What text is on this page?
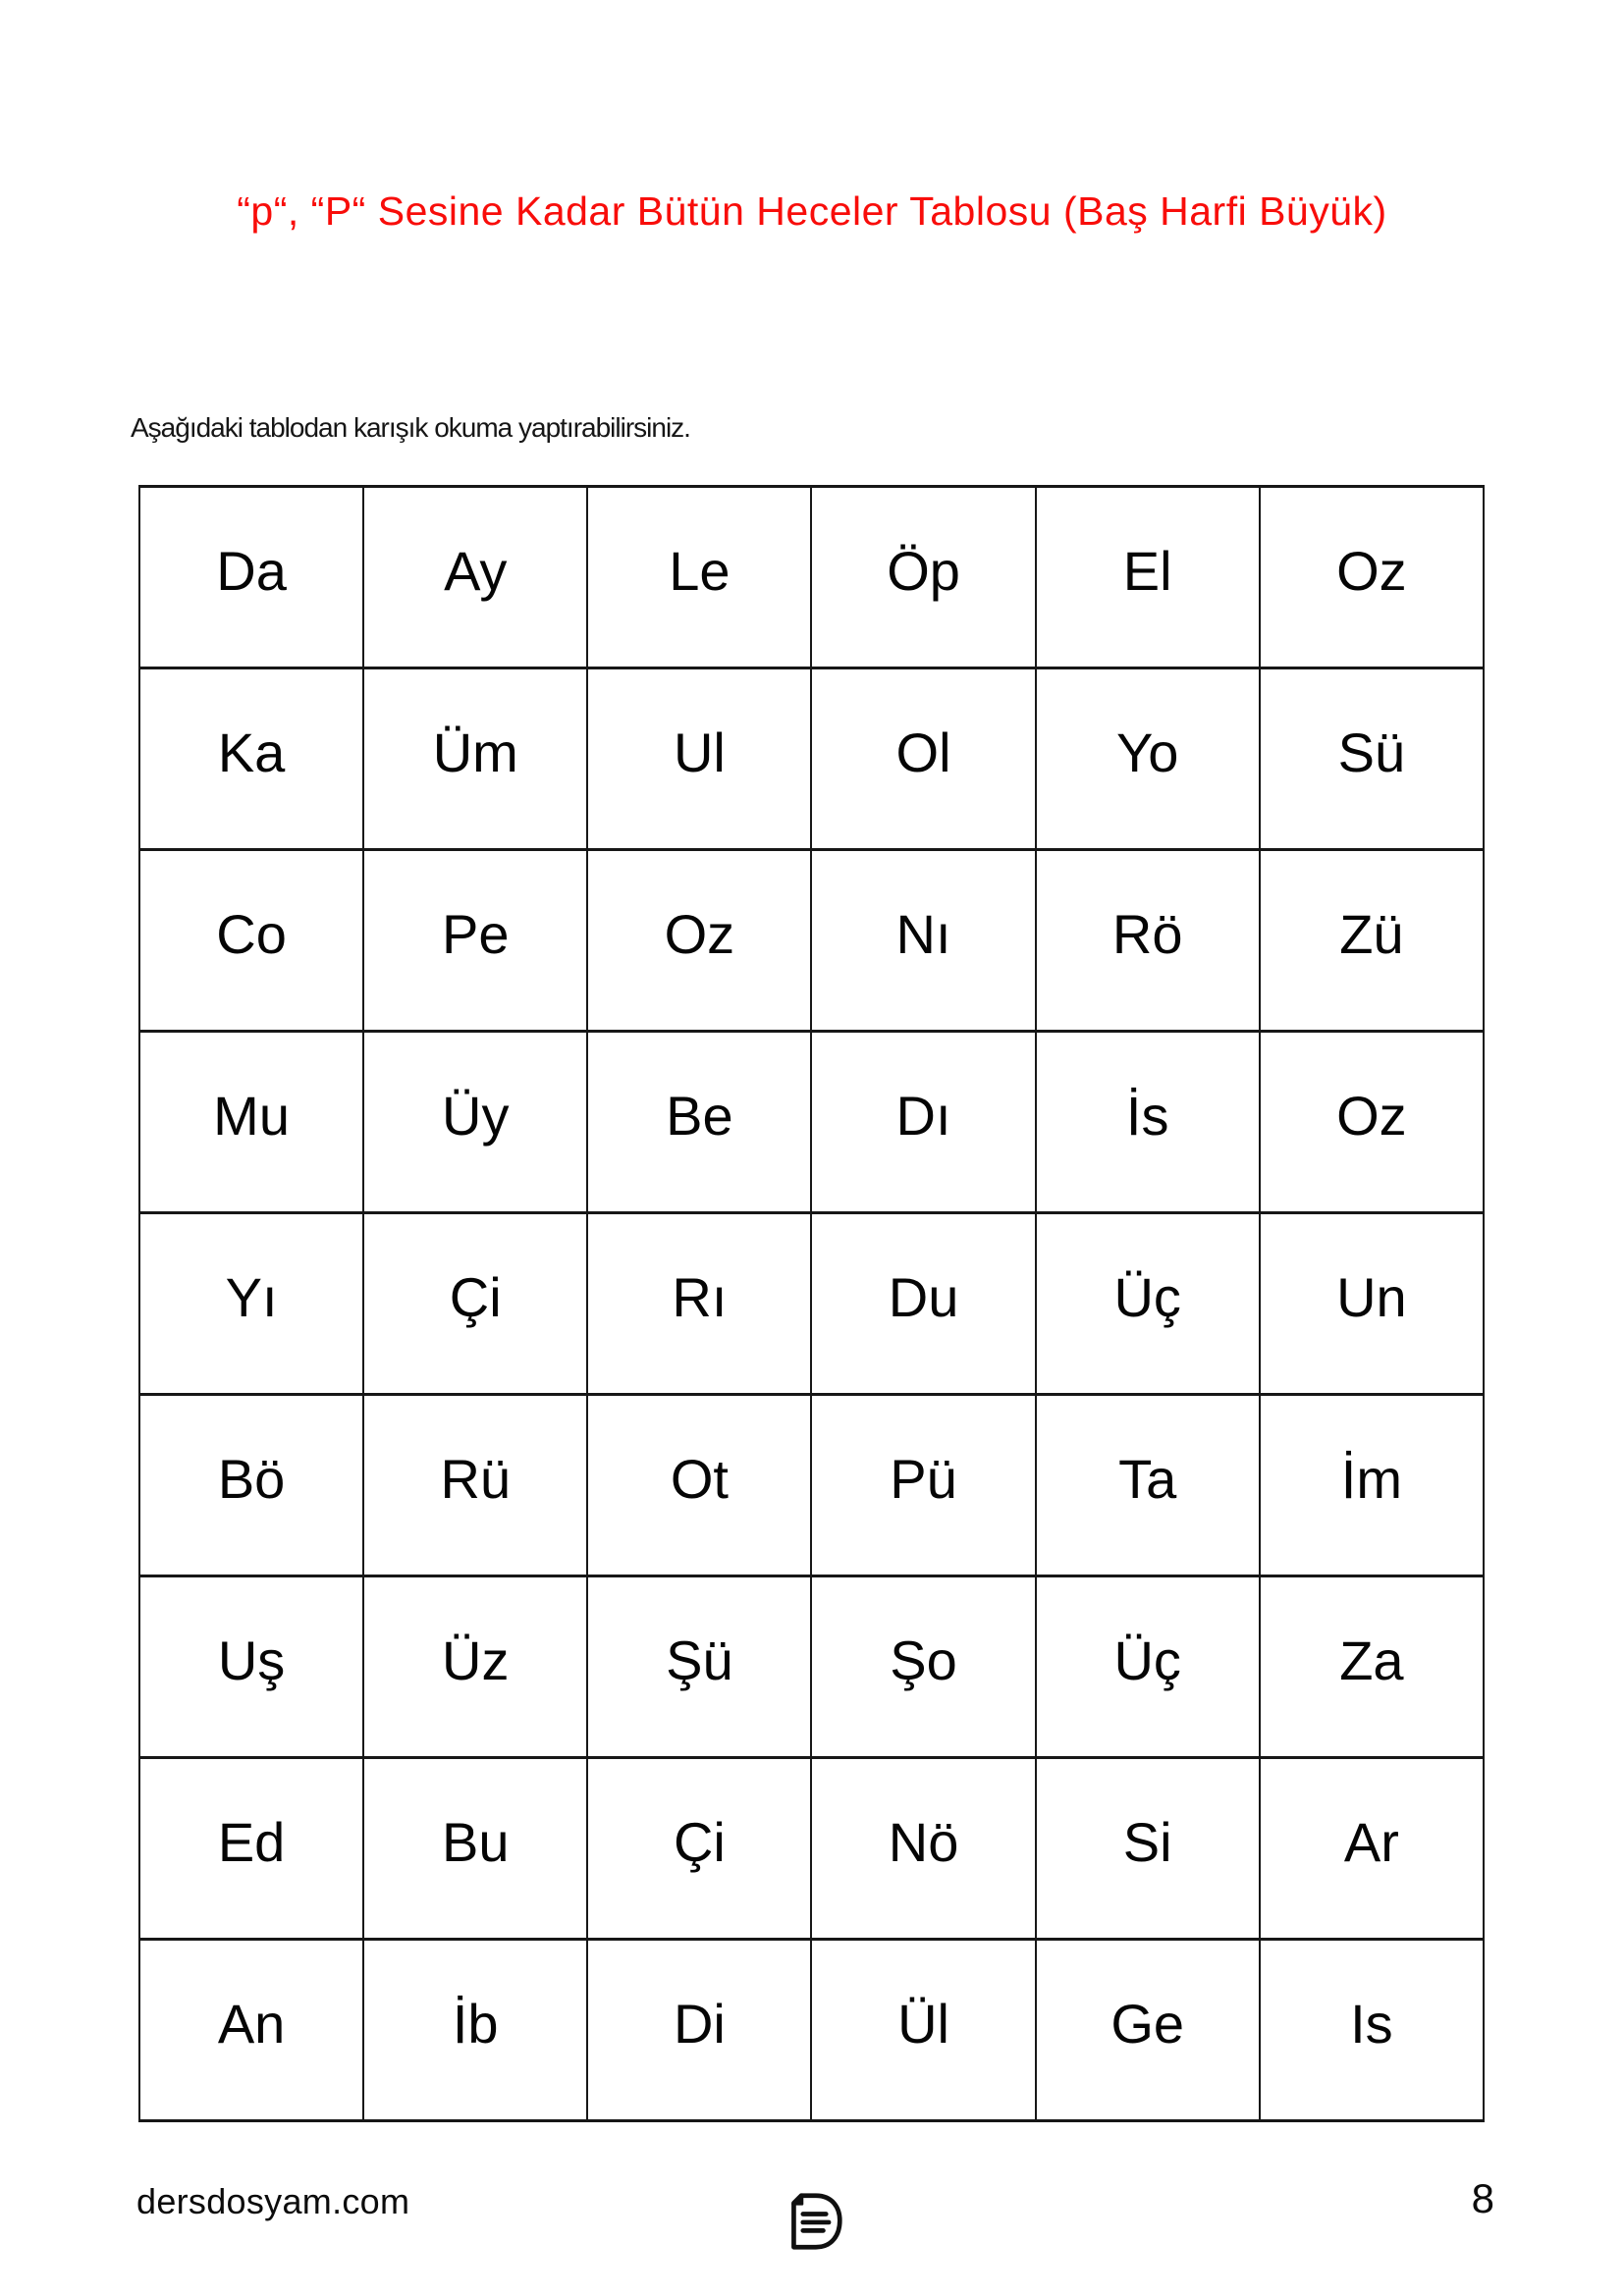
“p“, “P“ Sesine Kadar Bütün Heceler Tablosu (Baş Harfi Büyük)

Aşağıdaki tablodan karışık okuma yaptırabilirsiniz.

Da	Ay	Le	Öp	El	Oz
Ka	Üm	Ul	Ol	Yo	Sü
Co	Pe	Oz	Nı	Rö	Zü
Mu	Üy	Be	Dı	İs	Oz
Yı	Çi	Rı	Du	Üç	Un
Bö	Rü	Ot	Pü	Ta	İm
Uş	Üz	Şü	Şo	Üç	Za
Ed	Bu	Çi	Nö	Si	Ar
An	İb	Di	Ül	Ge	Is
dersdosyam.com	8
